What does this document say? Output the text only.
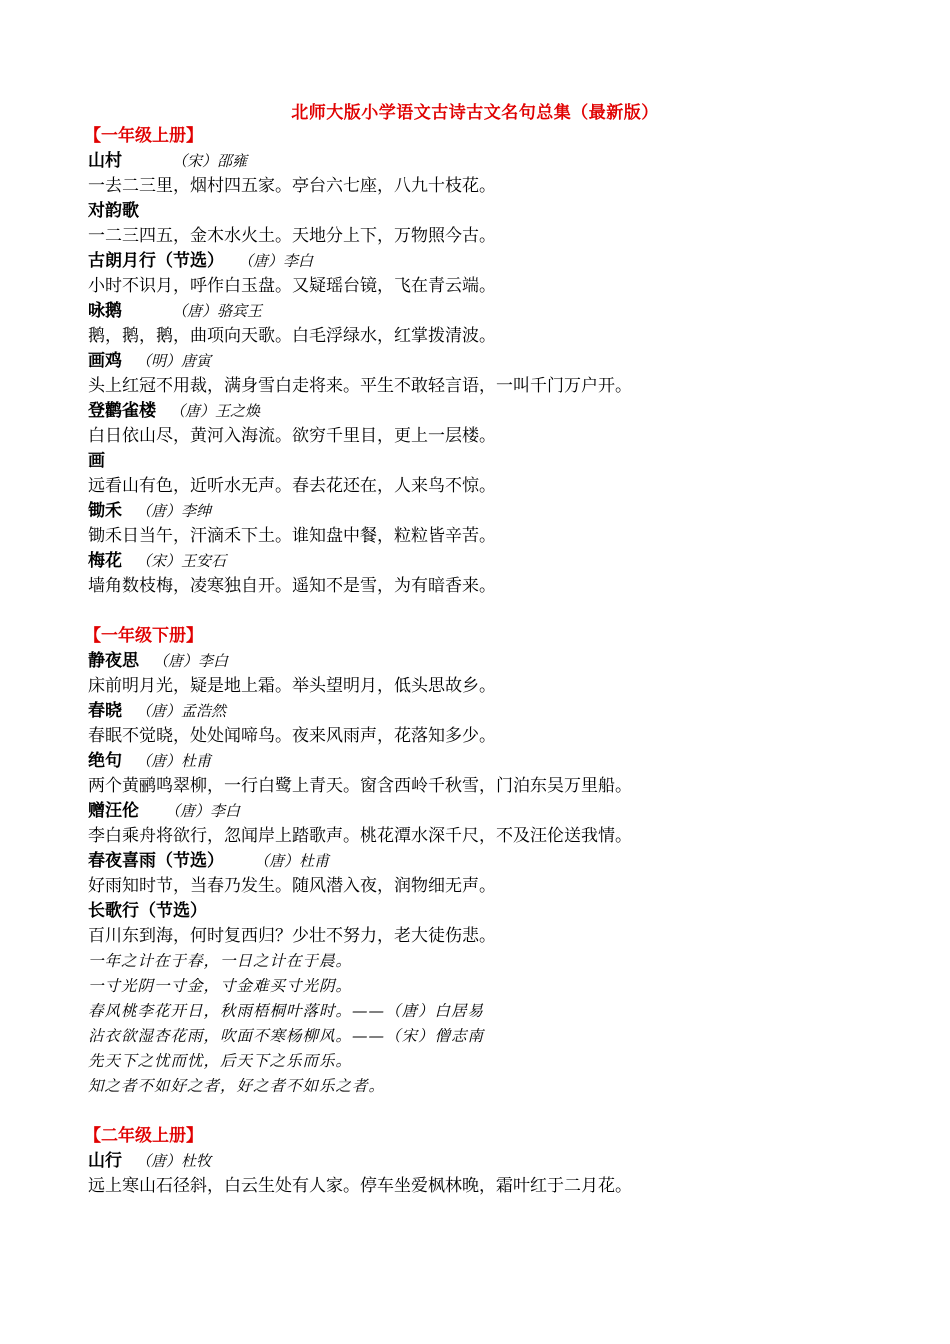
北师大版小学语文古诗古文名句总集（最新版）
【一年级上册】
山村	（宋）邵雍
一去二三里，烟村四五家。亭台六七座，八九十枝花。
对韵歌
一二三四五，金木水火土。天地分上下，万物照今古。
古朗月行（节选） （唐）李白
小时不识月，呼作白玉盘。又疑瑶台镜，飞在青云端。
咏鹅	（唐）骆宾王
鹅，鹅，鹅，曲项向天歌。白毛浮绿水，红掌拨清波。
画鸡 （明）唐寅
头上红冠不用裁，满身雪白走将来。平生不敢轻言语，一叫千门万户开。
登鹳雀楼 （唐）王之焕
白日依山尽，黄河入海流。欲穷千里目，更上一层楼。
画
远看山有色，近听水无声。春去花还在，人来鸟不惊。
锄禾 （唐）李绅
锄禾日当午，汗滴禾下土。谁知盘中餐，粒粒皆辛苦。
梅花 （宋）王安石
墙角数枝梅，凌寒独自开。遥知不是雪，为有暗香来。
【一年级下册】
静夜思 （唐）李白
床前明月光，疑是地上霜。举头望明月，低头思故乡。
春晓 （唐）孟浩然
春眠不觉晓，处处闻啼鸟。夜来风雨声，花落知多少。
绝句 （唐）杜甫
两个黄鹂鸣翠柳，一行白鹭上青天。窗含西岭千秋雪，门泊东吴万里船。
赠汪伦 （唐）李白
李白乘舟将欲行，忽闻岸上踏歌声。桃花潭水深千尺，不及汪伦送我情。
春夜喜雨（节选） （唐）杜甫
好雨知时节，当春乃发生。随风潜入夜，润物细无声。
长歌行（节选）
百川东到海，何时复西归？少壮不努力，老大徒伤悲。
一年之计在于春，一日之计在于晨。
一寸光阴一寸金，寸金难买寸光阴。
春风桃李花开日，秋雨梧桐叶落时。——（唐）白居易
沾衣欲湿杏花雨，吹面不寒杨柳风。——（宋）僧志南
先天下之忧而忧，后天下之乐而乐。
知之者不如好之者，好之者不如乐之者。
【二年级上册】
山行 （唐）杜牧
远上寒山石径斜，白云生处有人家。停车坐爱枫林晚，霜叶红于二月花。
